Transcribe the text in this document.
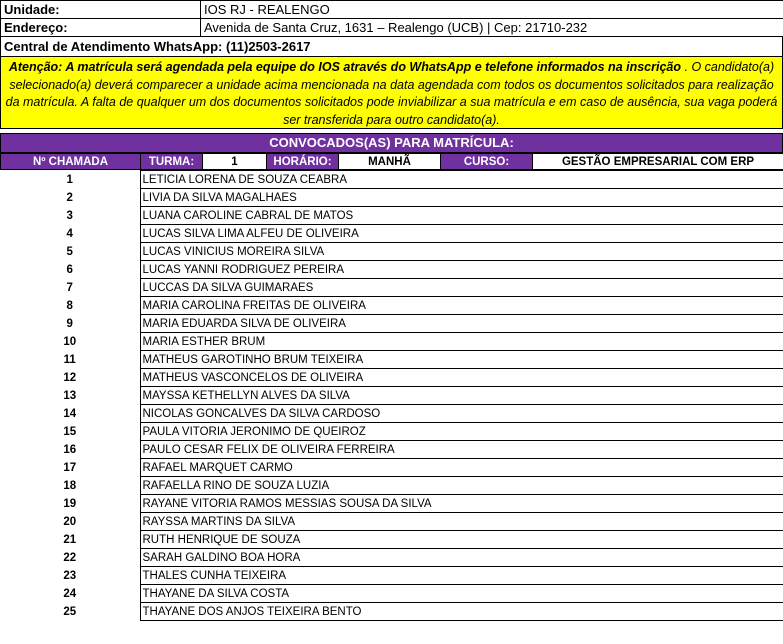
Unidade:	IOS RJ - REALENGO
Endereço:	Avenida de Santa Cruz, 1631 – Realengo (UCB) | Cep: 21710-232
Central de Atendimento WhatsApp: (11)2503-2617
Atenção: A matrícula será agendada pela equipe do IOS através do WhatsApp e telefone informados na inscrição . O candidato(a) selecionado(a) deverá comparecer a unidade acima mencionada na data agendada com todos os documentos solicitados para realização da matrícula. A falta de qualquer um dos documentos solicitados pode inviabilizar a sua matrícula e em caso de ausência, sua vaga poderá ser transferida para outro candidato(a).
CONVOCADOS(AS) PARA MATRÍCULA:
Nº CHAMADA	TURMA:	1	HORÁRIO:	MANHÃ	CURSO:	GESTÃO EMPRESARIAL COM ERP
1	LETICIA LORENA DE SOUZA CEABRA
2	LIVIA DA SILVA MAGALHAES
3	LUANA CAROLINE CABRAL DE MATOS
4	LUCAS SILVA LIMA ALFEU DE OLIVEIRA
5	LUCAS VINICIUS MOREIRA SILVA
6	LUCAS YANNI RODRIGUEZ PEREIRA
7	LUCCAS DA SILVA GUIMARAES
8	MARIA CAROLINA FREITAS DE OLIVEIRA
9	MARIA EDUARDA SILVA DE OLIVEIRA
10	MARIA ESTHER BRUM
11	MATHEUS GAROTINHO BRUM TEIXEIRA
12	MATHEUS VASCONCELOS DE OLIVEIRA
13	MAYSSA KETHELLYN ALVES DA SILVA
14	NICOLAS GONCALVES DA SILVA CARDOSO
15	PAULA VITORIA JERONIMO DE QUEIROZ
16	PAULO CESAR FELIX DE OLIVEIRA FERREIRA
17	RAFAEL MARQUET CARMO
18	RAFAELLA RINO DE SOUZA LUZIA
19	RAYANE VITORIA RAMOS MESSIAS SOUSA DA SILVA
20	RAYSSA MARTINS DA SILVA
21	RUTH HENRIQUE DE SOUZA
22	SARAH GALDINO BOA HORA
23	THALES CUNHA TEIXEIRA
24	THAYANE DA SILVA COSTA
25	THAYANE DOS ANJOS TEIXEIRA BENTO
